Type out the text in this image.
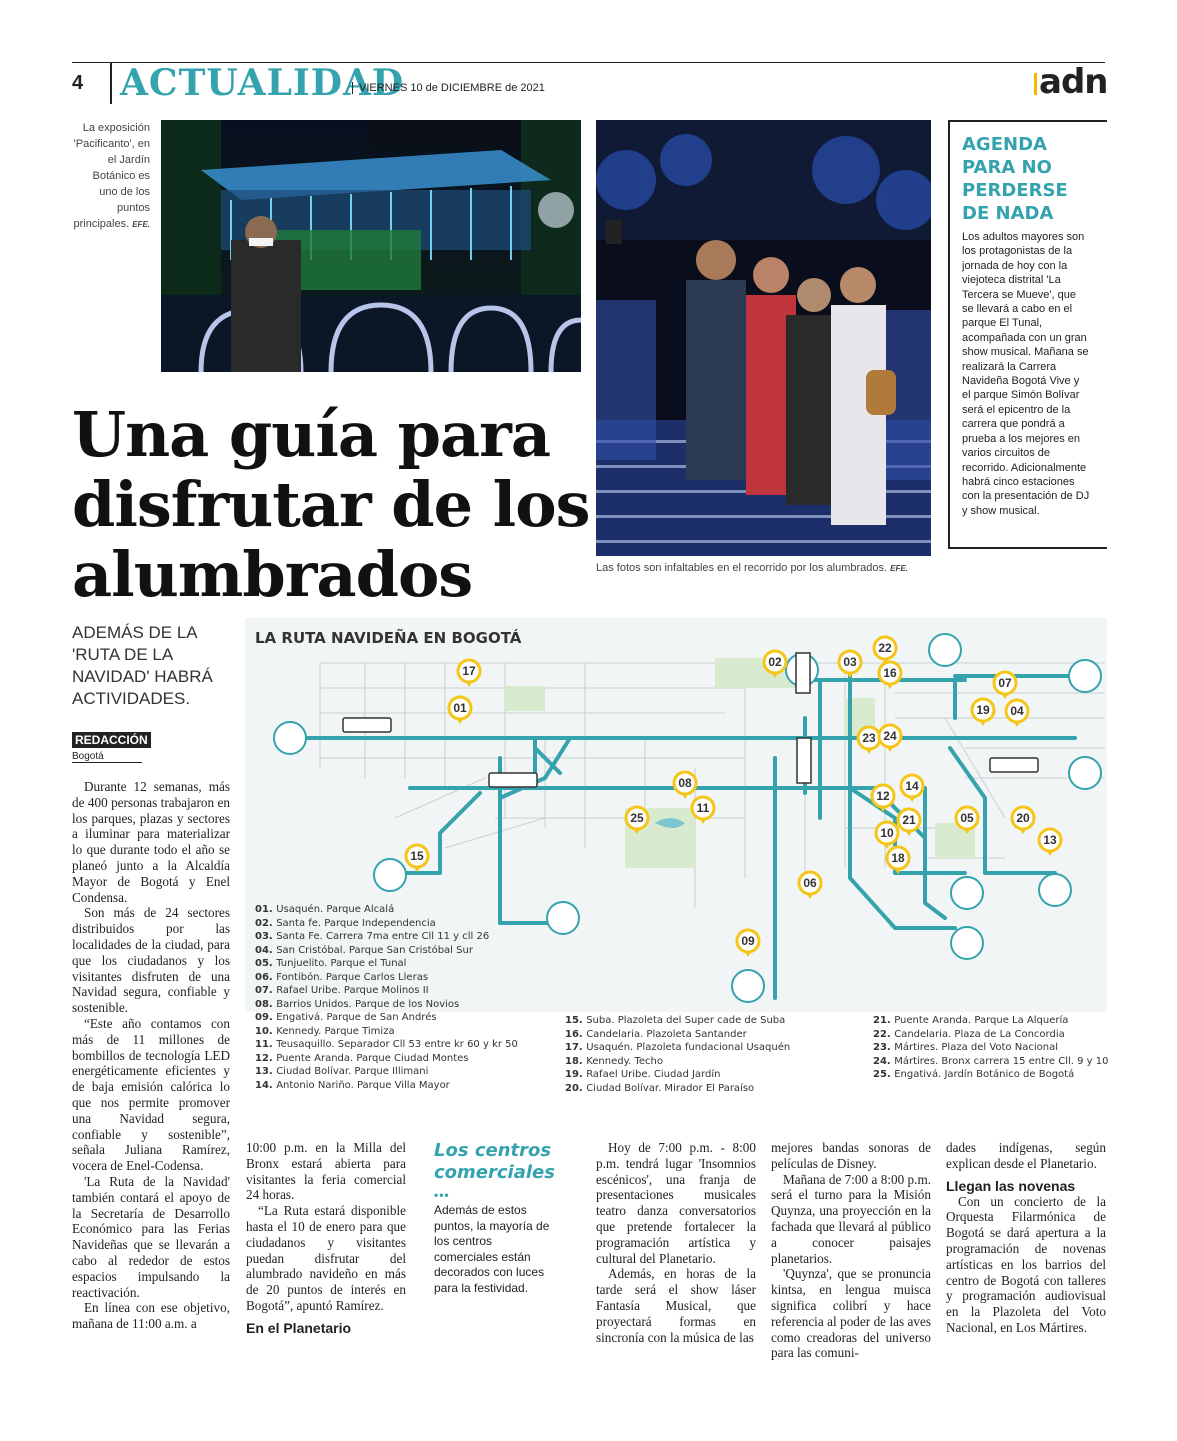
4 ACTUALIDAD
VIERNES 10 de DICIEMBRE de 2021	adn
La exposición 'Pacificanto', en el Jardín Botánico es uno de los puntos principales. EFE.
Las fotos son infaltables en el recorrido por los alumbrados. EFE.
AGENDA PARA NO PERDERSE DE NADA
Los adultos mayores son los protagonistas de la jornada de hoy con la viejoteca distrital 'La Tercera se Mueve', que se llevará a cabo en el parque El Tunal, acompañada con un gran show musical. Mañana se realizará la Carrera Navideña Bogotá Vive y el parque Simón Bolívar será el epicentro de la carrera que pondrá a prueba a los mejores en varios circuitos de recorrido. Adicionalmente habrá cinco estaciones con la presentación de DJ y show musical.
Una guía para disfrutar de los alumbrados
ADEMÁS DE LA 'RUTA DE LA NAVIDAD' HABRÁ ACTIVIDADES.
REDACCIÓN
Bogotá

Durante 12 semanas, más de 400 personas trabajaron en los parques, plazas y sectores a iluminar para materializar lo que durante todo el año se planeó junto a la Alcaldía Mayor de Bogotá y Enel Condensa.

Son más de 24 sectores distribuidos por las localidades de la ciudad, para que los ciudadanos y los visitantes disfruten de una Navidad segura, confiable y sostenible.

“Este año contamos con más de 11 millones de bombillos de tecnología LED energéticamente eficientes y de baja emisión calórica lo que nos permite promover una Navidad segura, confiable y sostenible”, señala Juliana Ramírez, vocera de Enel-Codensa.

'La Ruta de la Navidad' también contará el apoyo de la Secretaría de Desarrollo Económico para las Ferias Navideñas que se llevarán a cabo al rededor de estos espacios impulsando la reactivación.

En línea con ese objetivo, mañana de 11:00 a.m. a

01
02	03
04
05
06
07
08
09
10
11
12
13
14
15
16
17
18
19
20
21
22
23 24
25
LA RUTA NAVIDEÑA EN BOGOTÁ
01. Usaquén. Parque Alcalá
02. Santa fe. Parque Independencia
03. Santa Fe. Carrera 7ma entre Cll 11 y cll 26
04. San Cristóbal. Parque San Cristóbal Sur
05. Tunjuelito. Parque el Tunal
06. Fontibón. Parque Carlos Lleras
07. Rafael Uribe. Parque Molinos II
08. Barrios Unidos. Parque de los Novios
09. Engativá. Parque de San Andrés
10. Kennedy. Parque Timiza
11. Teusaquillo. Separador Cll 53 entre kr 60 y kr 50
12. Puente Aranda. Parque Ciudad Montes
13. Ciudad Bolívar. Parque Illimani
14. Antonio Nariño. Parque Villa Mayor
15. Suba. Plazoleta del Super cade de Suba
16. Candelaria. Plazoleta Santander
17. Usaquén. Plazoleta fundacional Usaquén
18. Kennedy. Techo
19. Rafael Uribe. Ciudad Jardín
20. Ciudad Bolívar. Mirador El Paraíso
21. Puente Aranda. Parque La Alquería
22. Candelaria. Plaza de La Concordia
23. Mártires. Plaza del Voto Nacional
24. Mártires. Bronx carrera 15 entre Cll. 9 y 10
25. Engativá. Jardín Botánico de Bogotá

10:00 p.m. en la Milla del Bronx estará abierta para visitantes la feria comercial 24 horas.

“La Ruta estará disponible hasta el 10 de enero para que ciudadanos y visitantes puedan disfrutar del alumbrado navideño en más de 20 puntos de interés en Bogotá”, apuntó Ramírez.

En el Planetario
Los centros comerciales
•••
Además de estos puntos, la mayoría de los centros comerciales están decorados con luces para la festividad.

Hoy de 7:00 p.m. - 8:00 p.m. tendrá lugar 'Insomnios escénicos', una franja de presentaciones musicales teatro danza conversatorios que pretende fortalecer la programación artística y cultural del Planetario.

Además, en horas de la tarde será el show láser Fantasía Musical, que proyectará formas en sincronía con la música de las

mejores bandas sonoras de películas de Disney.

Mañana de 7:00 a 8:00 p.m. será el turno para la Misión Quynza, una proyección en la fachada que llevará al público a conocer paisajes planetarios.

'Quynza', que se pronuncia kintsa, en lengua muisca significa colibrí y hace referencia al poder de las aves como creadoras del universo para las comuni-

dades indígenas, según explican desde el Planetario.

Llegan las novenas

Con un concierto de la Orquesta Filarmónica de Bogotá se dará apertura a la programación de novenas artísticas en los barrios del centro de Bogotá con talleres y programación audiovisual en la Plazoleta del Voto Nacional, en Los Mártires.
